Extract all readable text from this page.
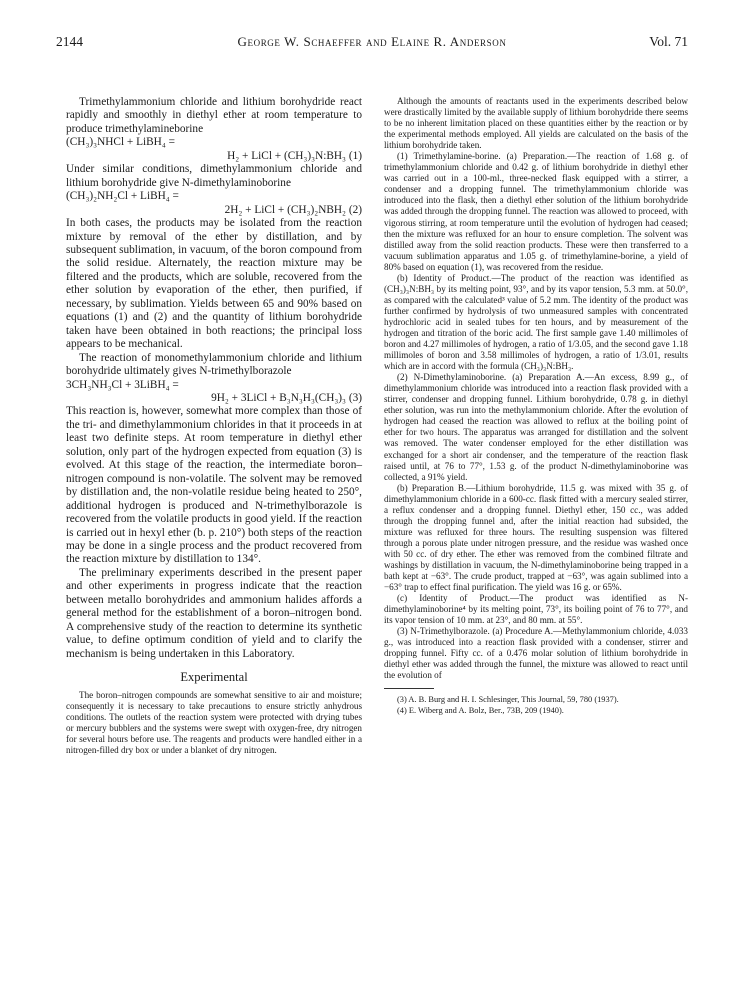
2144	George W. Schaeffer and Elaine R. Anderson	Vol. 71

Trimethylammonium chloride and lithium borohydride react rapidly and smoothly in diethyl ether at room temperature to produce trimethylamineborine

(CH₃)₃NHCl + LiBH₄ =
H₂ + LiCl + (CH₃)₃N:BH₃ (1)

Under similar conditions, dimethylammonium chloride and lithium borohydride give N-dimethylaminoborine

(CH₃)₂NH₂Cl + LiBH₄ =
2H₂ + LiCl + (CH₃)₂NBH₂ (2)

In both cases, the products may be isolated from the reaction mixture by removal of the ether by distillation, and by subsequent sublimation, in vacuum, of the boron compound from the solid residue. Alternately, the reaction mixture may be filtered and the products, which are soluble, recovered from the ether solution by evaporation of the ether, then purified, if necessary, by sublimation. Yields between 65 and 90% based on equations (1) and (2) and the quantity of lithium borohydride taken have been obtained in both reactions; the principal loss appears to be mechanical.

The reaction of monomethylammonium chloride and lithium borohydride ultimately gives N-trimethylborazole

3CH₃NH₃Cl + 3LiBH₄ =
9H₂ + 3LiCl + B₃N₃H₃(CH₃)₃ (3)

This reaction is, however, somewhat more complex than those of the tri- and dimethylammonium chlorides in that it proceeds in at least two definite steps. At room temperature in diethyl ether solution, only part of the hydrogen expected from equation (3) is evolved. At this stage of the reaction, the intermediate boron–nitrogen compound is non-volatile. The solvent may be removed by distillation and, the non-volatile residue being heated to 250°, additional hydrogen is produced and N-trimethylborazole is recovered from the volatile products in good yield. If the reaction is carried out in hexyl ether (b. p. 210°) both steps of the reaction may be done in a single process and the product recovered from the reaction mixture by distillation to 134°.

The preliminary experiments described in the present paper and other experiments in progress indicate that the reaction between metallo borohydrides and ammonium halides affords a general method for the establishment of a boron–nitrogen bond. A comprehensive study of the reaction to determine its synthetic value, to define optimum condition of yield and to clarify the mechanism is being undertaken in this Laboratory.

Experimental

The boron–nitrogen compounds are somewhat sensitive to air and moisture; consequently it is necessary to take precautions to ensure strictly anhydrous conditions. The outlets of the reaction system were protected with drying tubes or mercury bubblers and the systems were swept with oxygen-free, dry nitrogen for several hours before use. The reagents and products were handled either in a nitrogen-filled dry box or under a blanket of dry nitrogen.

Although the amounts of reactants used in the experiments described below were drastically limited by the available supply of lithium borohydride there seems to be no inherent limitation placed on these quantities either by the reaction or by the experimental methods employed. All yields are calculated on the basis of the lithium borohydride taken.

(1) Trimethylamine-borine. (a) Preparation.—The reaction of 1.68 g. of trimethylammonium chloride and 0.42 g. of lithium borohydride in diethyl ether was carried out in a 100-ml., three-necked flask equipped with a stirrer, a condenser and a dropping funnel. The trimethylammonium chloride was introduced into the flask, then a diethyl ether solution of the lithium borohydride was added through the dropping funnel. The reaction was allowed to proceed, with vigorous stirring, at room temperature until the evolution of hydrogen had ceased; then the mixture was refluxed for an hour to ensure completion. The solvent was distilled away from the solid reaction products. These were then transferred to a vacuum sublimation apparatus and 1.05 g. of trimethylamine-borine, a yield of 80% based on equation (1), was recovered from the residue.

(b) Identity of Product.—The product of the reaction was identified as (CH₃)₃N:BH₃ by its melting point, 93°, and by its vapor tension, 5.3 mm. at 50.0°, as compared with the calculated³ value of 5.2 mm. The identity of the product was further confirmed by hydrolysis of two unmeasured samples with concentrated hydrochloric acid in sealed tubes for ten hours, and by measurement of the hydrogen and titration of the boric acid. The first sample gave 1.40 millimoles of boron and 4.27 millimoles of hydrogen, a ratio of 1/3.05, and the second gave 1.18 millimoles of boron and 3.58 millimoles of hydrogen, a ratio of 1/3.01, results which are in accord with the formula (CH₃)₃N:BH₃.

(2) N-Dimethylaminoborine. (a) Preparation A.—An excess, 8.99 g., of dimethylammonium chloride was introduced into a reaction flask provided with a stirrer, condenser and dropping funnel. Lithium borohydride, 0.78 g. in diethyl ether solution, was run into the methylammonium chloride. After the evolution of hydrogen had ceased the reaction was allowed to reflux at the boiling point of ether for two hours. The apparatus was arranged for distillation and the solvent was removed. The water condenser employed for the ether distillation was exchanged for a short air condenser, and the temperature of the reaction flask raised until, at 76 to 77°, 1.53 g. of the product N-dimethylaminoborine was collected, a 91% yield.

(b) Preparation B.—Lithium borohydride, 11.5 g. was mixed with 35 g. of dimethylammonium chloride in a 600-cc. flask fitted with a mercury sealed stirrer, a reflux condenser and a dropping funnel. Diethyl ether, 150 cc., was added through the dropping funnel and, after the initial reaction had subsided, the mixture was refluxed for three hours. The resulting suspension was filtered through a porous plate under nitrogen pressure, and the residue was washed once with 50 cc. of dry ether. The ether was removed from the combined filtrate and washings by distillation in vacuum, the N-dimethylaminoborine being trapped in a bath kept at −63°. The crude product, trapped at −63°, was again sublimed into a −63° trap to effect final purification. The yield was 16 g. or 65%.

(c) Identity of Product.—The product was identified as N-dimethylaminoborine⁴ by its melting point, 73°, its boiling point of 76 to 77°, and its vapor tension of 10 mm. at 23°, and 80 mm. at 55°.

(3) N-Trimethylborazole. (a) Procedure A.—Methylammonium chloride, 4.033 g., was introduced into a reaction flask provided with a condenser, stirrer and dropping funnel. Fifty cc. of a 0.476 molar solution of lithium borohydride in diethyl ether was added through the funnel, the mixture was allowed to react until the evolution of

(3) A. B. Burg and H. I. Schlesinger, This Journal, 59, 780 (1937).

(4) E. Wiberg and A. Bolz, Ber., 73B, 209 (1940).
